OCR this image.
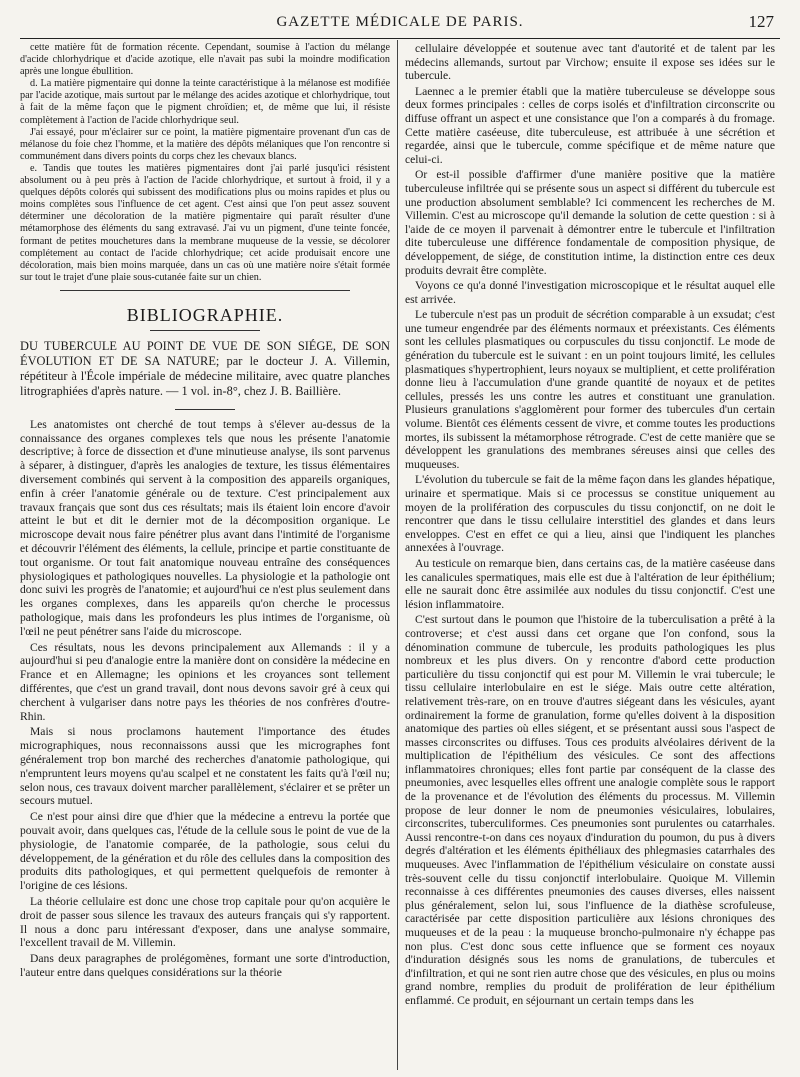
GAZETTE MÉDICALE DE PARIS.	127

cette matière fût de formation récente. Cependant, soumise à l'action du mélange d'acide chlorhydrique et d'acide azotique, elle n'avait pas subi la moindre modification après une longue ébullition.

d. La matière pigmentaire qui donne la teinte caractéristique à la mélanose est modifiée par l'acide azotique, mais surtout par le mélange des acides azotique et chlorhydrique, tout à fait de la même façon que le pigment chroïdien; et, de même que lui, il résiste complètement à l'action de l'acide chlorhydrique seul.

J'ai essayé, pour m'éclairer sur ce point, la matière pigmentaire provenant d'un cas de mélanose du foie chez l'homme, et la matière des dépôts mélaniques que l'on rencontre si communément dans divers points du corps chez les chevaux blancs.

e. Tandis que toutes les matières pigmentaires dont j'ai parlé jusqu'ici résistent absolument ou à peu près à l'action de l'acide chlorhydrique, et surtout à froid, il y a quelques dépôts colorés qui subissent des modifications plus ou moins rapides et plus ou moins complètes sous l'influence de cet agent. C'est ainsi que l'on peut assez souvent déterminer une décoloration de la matière pigmentaire qui paraît résulter d'une métamorphose des éléments du sang extravasé. J'ai vu un pigment, d'une teinte foncée, formant de petites mouchetures dans la membrane muqueuse de la vessie, se décolorer complétement au contact de l'acide chlorhydrique; cet acide produisait encore une décoloration, mais bien moins marquée, dans un cas où une matière noire s'était formée sur tout le trajet d'une plaie sous-cutanée faite sur un chien.

BIBLIOGRAPHIE.
DU TUBERCULE AU POINT DE VUE DE SON SIÉGE, DE SON ÉVOLUTION ET DE SA NATURE; par le docteur J. A. Villemin, répétiteur à l'École impériale de médecine militaire, avec quatre planches litrographiées d'après nature. — 1 vol. in-8°, chez J. B. Baillière.

Les anatomistes ont cherché de tout temps à s'élever au-dessus de la connaissance des organes complexes tels que nous les présente l'anatomie descriptive; à force de dissection et d'une minutieuse analyse, ils sont parvenus à séparer, à distinguer, d'après les analogies de texture, les tissus élémentaires diversement combinés qui servent à la composition des appareils organiques, enfin à créer l'anatomie générale ou de texture. C'est principalement aux travaux français que sont dus ces résultats; mais ils étaient loin encore d'avoir atteint le but et dit le dernier mot de la décomposition organique. Le microscope devait nous faire pénétrer plus avant dans l'intimité de l'organisme et découvrir l'élément des éléments, la cellule, principe et partie constituante de tout organisme. Or tout fait anatomique nouveau entraîne des conséquences physiologiques et pathologiques nouvelles. La physiologie et la pathologie ont donc suivi les progrès de l'anatomie; et aujourd'hui ce n'est plus seulement dans les organes complexes, dans les appareils qu'on cherche le processus pathologique, mais dans les profondeurs les plus intimes de l'organisme, où l'œil ne peut pénétrer sans l'aide du microscope.

Ces résultats, nous les devons principalement aux Allemands : il y a aujourd'hui si peu d'analogie entre la manière dont on considère la médecine en France et en Allemagne; les opinions et les croyances sont tellement différentes, que c'est un grand travail, dont nous devons savoir gré à ceux qui cherchent à vulgariser dans notre pays les théories de nos confrères d'outre-Rhin.

Mais si nous proclamons hautement l'importance des études micrographiques, nous reconnaissons aussi que les micrographes font généralement trop bon marché des recherches d'anatomie pathologique, qui n'empruntent leurs moyens qu'au scalpel et ne constatent les faits qu'à l'œil nu; selon nous, ces travaux doivent marcher parallèlement, s'éclairer et se prêter un secours mutuel.

Ce n'est pour ainsi dire que d'hier que la médecine a entrevu la portée que pouvait avoir, dans quelques cas, l'étude de la cellule sous le point de vue de la physiologie, de l'anatomie comparée, de la pathologie, sous celui du développement, de la génération et du rôle des cellules dans la composition des produits dits pathologiques, et qui permettent quelquefois de remonter à l'origine de ces lésions.

La théorie cellulaire est donc une chose trop capitale pour qu'on acquière le droit de passer sous silence les travaux des auteurs français qui s'y rapportent. Il nous a donc paru intéressant d'exposer, dans une analyse sommaire, l'excellent travail de M. Villemin.

Dans deux paragraphes de prolégomènes, formant une sorte d'introduction, l'auteur entre dans quelques considérations sur la théorie

cellulaire développée et soutenue avec tant d'autorité et de talent par les médecins allemands, surtout par Virchow; ensuite il expose ses idées sur le tubercule.

Laennec a le premier établi que la matière tuberculeuse se développe sous deux formes principales : celles de corps isolés et d'infiltration circonscrite ou diffuse offrant un aspect et une consistance que l'on a comparés à du fromage. Cette matière caséeuse, dite tuberculeuse, est attribuée à une sécrétion et regardée, ainsi que le tubercule, comme spécifique et de même nature que celui-ci.

Or est-il possible d'affirmer d'une manière positive que la matière tuberculeuse infiltrée qui se présente sous un aspect si différent du tubercule est une production absolument semblable? Ici commencent les recherches de M. Villemin. C'est au microscope qu'il demande la solution de cette question : si à l'aide de ce moyen il parvenait à démontrer entre le tubercule et l'infiltration dite tuberculeuse une différence fondamentale de composition physique, de développement, de siége, de constitution intime, la distinction entre ces deux produits devrait être complète.

Voyons ce qu'a donné l'investigation microscopique et le résultat auquel elle est arrivée.

Le tubercule n'est pas un produit de sécrétion comparable à un exsudat; c'est une tumeur engendrée par des éléments normaux et préexistants. Ces éléments sont les cellules plasmatiques ou corpuscules du tissu conjonctif. Le mode de génération du tubercule est le suivant : en un point toujours limité, les cellules plasmatiques s'hypertrophient, leurs noyaux se multiplient, et cette prolifération donne lieu à l'accumulation d'une grande quantité de noyaux et de petites cellules, pressés les uns contre les autres et constituant une granulation. Plusieurs granulations s'agglomèrent pour former des tubercules d'un certain volume. Bientôt ces éléments cessent de vivre, et comme toutes les productions mortes, ils subissent la métamorphose rétrograde. C'est de cette manière que se développent les granulations des membranes séreuses ainsi que celles des muqueuses.

L'évolution du tubercule se fait de la même façon dans les glandes hépatique, urinaire et spermatique. Mais si ce processus se constitue uniquement au moyen de la prolifération des corpuscules du tissu conjonctif, on ne doit le rencontrer que dans le tissu cellulaire interstitiel des glandes et dans leurs enveloppes. C'est en effet ce qui a lieu, ainsi que l'indiquent les planches annexées à l'ouvrage.

Au testicule on remarque bien, dans certains cas, de la matière caséeuse dans les canalicules spermatiques, mais elle est due à l'altération de leur épithélium; elle ne saurait donc être assimilée aux nodules du tissu conjonctif. C'est une lésion inflammatoire.

C'est surtout dans le poumon que l'histoire de la tuberculisation a prêté à la controverse; et c'est aussi dans cet organe que l'on confond, sous la dénomination commune de tubercule, les produits pathologiques les plus nombreux et les plus divers. On y rencontre d'abord cette production particulière du tissu conjonctif qui est pour M. Villemin le vrai tubercule; le tissu cellulaire interlobulaire en est le siége. Mais outre cette altération, relativement très-rare, on en trouve d'autres siégeant dans les vésicules, ayant ordinairement la forme de granulation, forme qu'elles doivent à la disposition anatomique des parties où elles siégent, et se présentant aussi sous l'aspect de masses circonscrites ou diffuses. Tous ces produits alvéolaires dérivent de la multiplication de l'épithélium des vésicules. Ce sont des affections inflammatoires chroniques; elles font partie par conséquent de la classe des pneumonies, avec lesquelles elles offrent une analogie complète sous le rapport de la provenance et de l'évolution des éléments du processus. M. Villemin propose de leur donner le nom de pneumonies vésiculaires, lobulaires, circonscrites, tuberculiformes. Ces pneumonies sont purulentes ou catarrhales. Aussi rencontre-t-on dans ces noyaux d'induration du poumon, du pus à divers degrés d'altération et les éléments épithéliaux des phlegmasies catarrhales des muqueuses. Avec l'inflammation de l'épithélium vésiculaire on constate aussi très-souvent celle du tissu conjonctif interlobulaire. Quoique M. Villemin reconnaisse à ces différentes pneumonies des causes diverses, elles naissent plus généralement, selon lui, sous l'influence de la diathèse scrofuleuse, caractérisée par cette disposition particulière aux lésions chroniques des muqueuses et de la peau : la muqueuse broncho-pulmonaire n'y échappe pas non plus. C'est donc sous cette influence que se forment ces noyaux d'induration désignés sous les noms de granulations, de tubercules et d'infiltration, et qui ne sont rien autre chose que des vésicules, en plus ou moins grand nombre, remplies du produit de prolifération de leur épithélium enflammé. Ce produit, en séjournant un certain temps dans les
